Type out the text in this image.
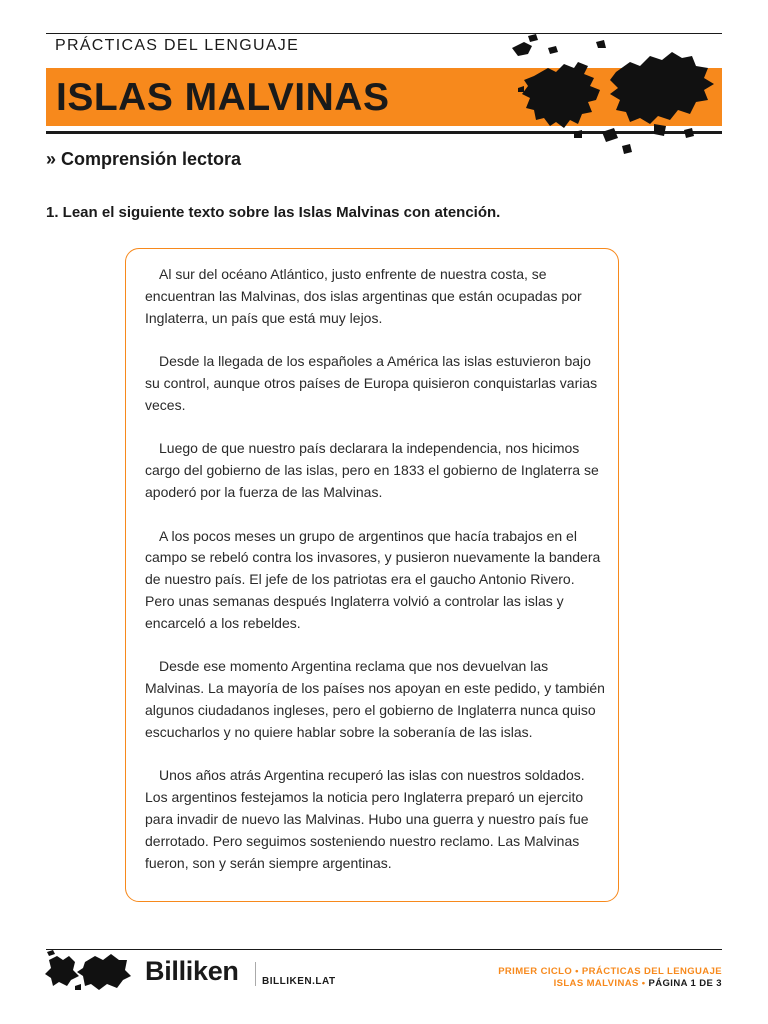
PRÁCTICAS DEL LENGUAJE
ISLAS MALVINAS
» Comprensión lectora
1. Lean el siguiente texto sobre las Islas Malvinas con atención.

Al sur del océano Atlántico, justo enfrente de nuestra costa, se encuentran las Malvinas, dos islas argentinas que están ocupadas por Inglaterra, un país que está muy lejos.

Desde la llegada de los españoles a América las islas estuvieron bajo su control, aunque otros países de Europa quisieron conquistarlas varias veces.

Luego de que nuestro país declarara la independencia, nos hicimos cargo del gobierno de las islas, pero en 1833 el gobierno de Inglaterra se apoderó por la fuerza de las Malvinas.

A los pocos meses un grupo de argentinos que hacía trabajos en el campo se rebeló contra los invasores, y pusieron nuevamente la bandera de nuestro país. El jefe de los patriotas era el gaucho Antonio Rivero. Pero unas semanas después Inglaterra volvió a controlar las islas y encarceló a los rebeldes.

Desde ese momento Argentina reclama que nos devuelvan las Malvinas. La mayoría de los países nos apoyan en este pedido, y también algunos ciudadanos ingleses, pero el gobierno de Inglaterra nunca quiso escucharlos y no quiere hablar sobre la soberanía de las islas.

Unos años atrás Argentina recuperó las islas con nuestros soldados. Los argentinos festejamos la noticia pero Inglaterra preparó un ejercito para invadir de nuevo las Malvinas. Hubo una guerra y nuestro país fue derrotado. Pero seguimos sosteniendo nuestro reclamo. Las Malvinas fueron, son y serán siempre argentinas.

Billiken BILLIKEN.LAT
PRIMER CICLO • PRÁCTICAS DEL LENGUAJE
ISLAS MALVINAS • PÁGINA 1 DE 3
